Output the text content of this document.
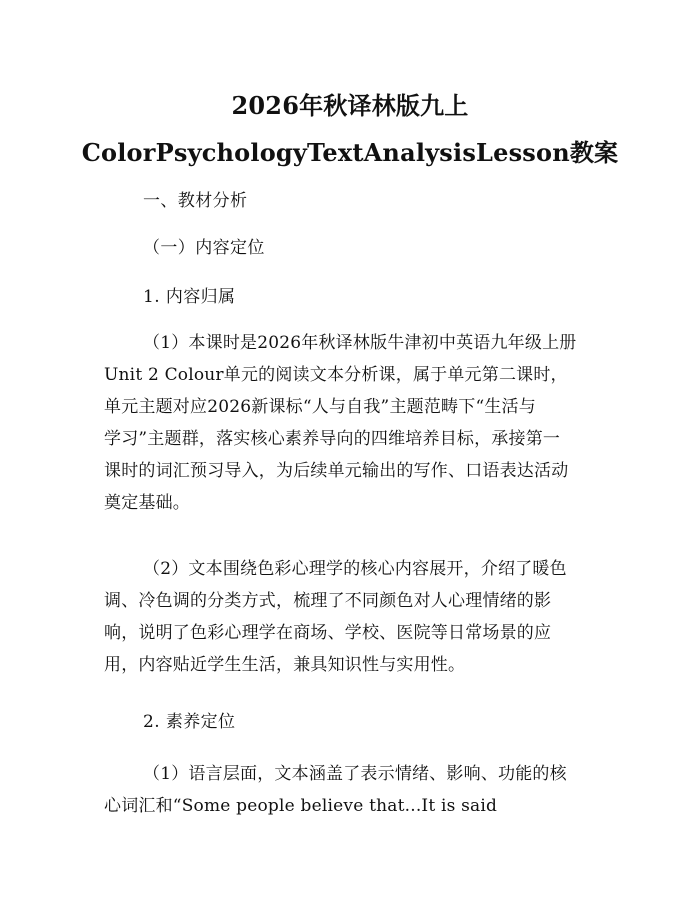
2026年秋译林版九上
ColorPsychologyTextAnalysisLesson教案
一、教材分析
（一）内容定位
1. 内容归属
（1）本课时是2026年秋译林版牛津初中英语九年级上册
Unit 2 Colour单元的阅读文本分析课，属于单元第二课时，
单元主题对应2026新课标“人与自我”主题范畴下“生活与
学习”主题群，落实核心素养导向的四维培养目标，承接第一
课时的词汇预习导入，为后续单元输出的写作、口语表达活动
奠定基础。
（2）文本围绕色彩心理学的核心内容展开，介绍了暖色
调、冷色调的分类方式，梳理了不同颜色对人心理情绪的影
响，说明了色彩心理学在商场、学校、医院等日常场景的应
用，内容贴近学生生活，兼具知识性与实用性。
2. 素养定位
（1）语言层面，文本涵盖了表示情绪、影响、功能的核
心词汇和“Some people believe that...It is said
